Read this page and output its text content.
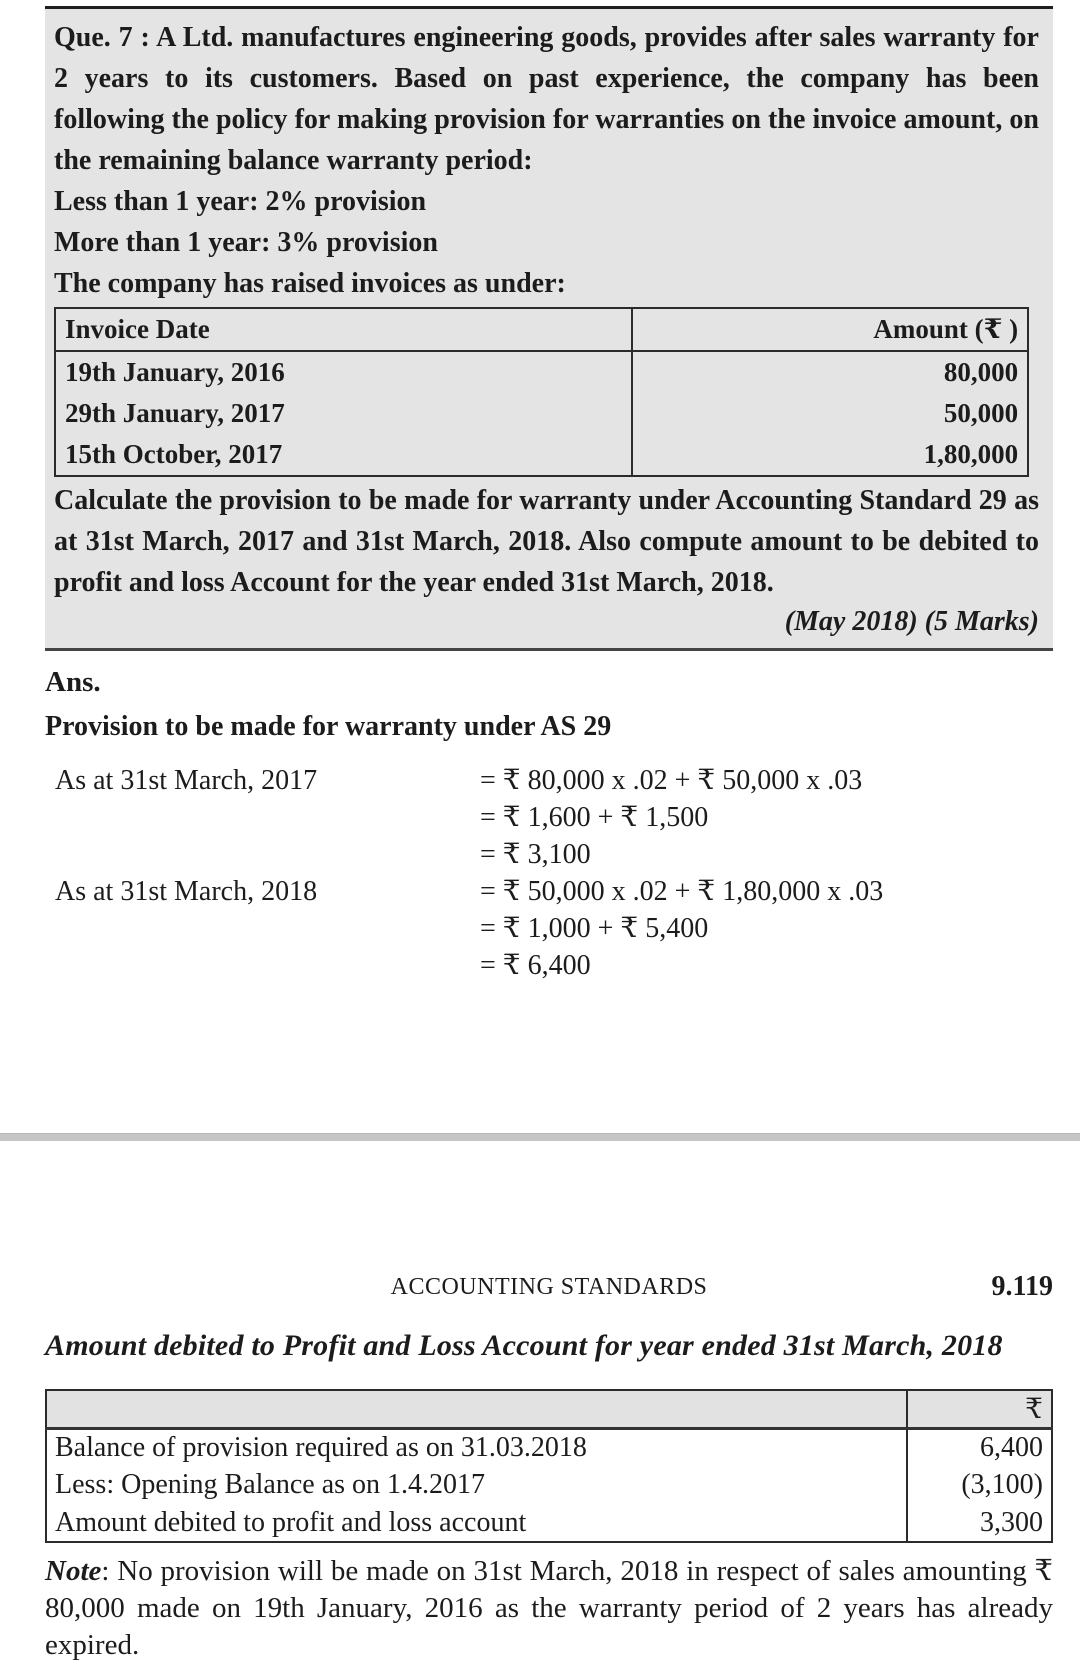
Que. 7 : A Ltd. manufactures engineering goods, provides after sales warranty for 2 years to its customers. Based on past experience, the company has been following the policy for making provision for warranties on the invoice amount, on the remaining balance warranty period:

Less than 1 year: 2% provision

More than 1 year: 3% provision

The company has raised invoices as under:

Invoice Date	Amount (₹ )
19th January, 2016	80,000
29th January, 2017	50,000
15th October, 2017	1,80,000

Calculate the provision to be made for warranty under Accounting Standard 29 as at 31st March, 2017 and 31st March, 2018. Also compute amount to be debited to profit and loss Account for the year ended 31st March, 2018.

(May 2018) (5 Marks)

Ans.

Provision to be made for warranty under AS 29

As at 31st March, 2017	= ₹ 80,000 x .02 + ₹ 50,000 x .03
= ₹ 1,600 + ₹ 1,500
= ₹ 3,100
As at 31st March, 2018	= ₹ 50,000 x .02 + ₹ 1,80,000 x .03
= ₹ 1,000 + ₹ 5,400
= ₹ 6,400
ACCOUNTING STANDARDS	9.119

Amount debited to Profit and Loss Account for year ended 31st March, 2018

	₹
Balance of provision required as on 31.03.2018	6,400
Less: Opening Balance as on 1.4.2017	(3,100)
Amount debited to profit and loss account	3,300

Note: No provision will be made on 31st March, 2018 in respect of sales amounting ₹ 80,000 made on 19th January, 2016 as the warranty period of 2 years has already expired.
